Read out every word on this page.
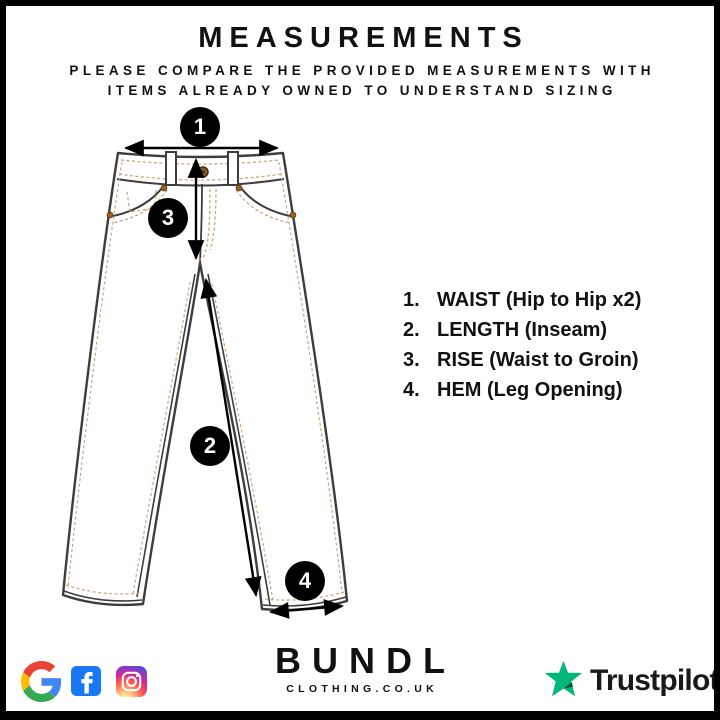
1
2
3
4
MEASUREMENTS

PLEASE COMPARE THE PROVIDED MEASUREMENTS WITH

ITEMS ALREADY OWNED TO UNDERSTAND SIZING

1. WAIST (Hip to Hip x2)
2. LENGTH (Inseam)
3. RISE (Waist to Groin)
4. HEM (Leg Opening)
BUNDL
CLOTHING.CO.UK	Trustpilot
